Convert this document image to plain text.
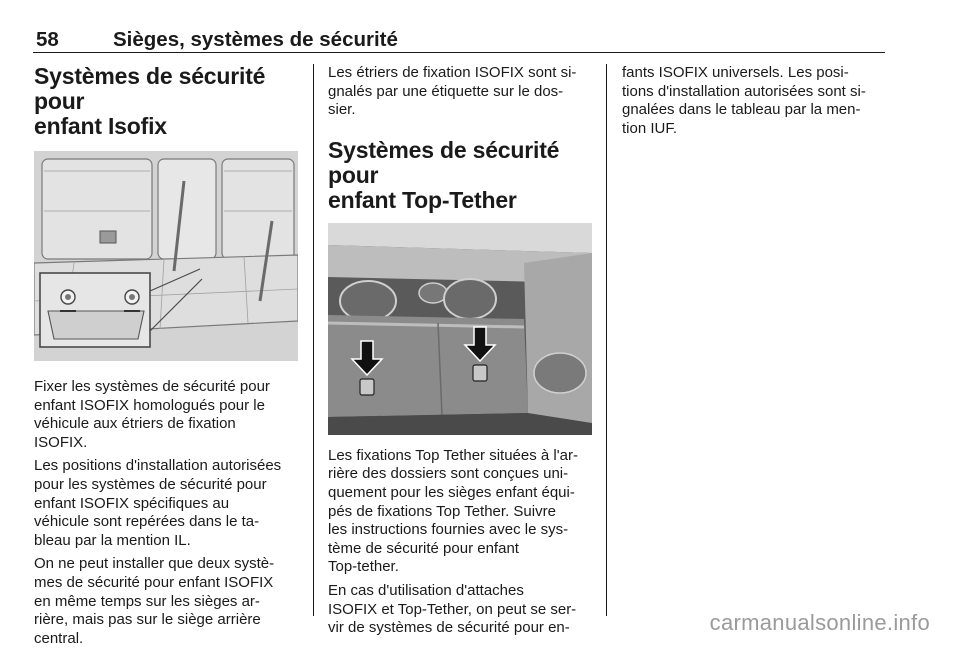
58	Sièges, systèmes de sécurité
Systèmes de sécurité pour
enfant Isofix

Fixer les systèmes de sécurité pour
enfant ISOFIX homologués pour le
véhicule aux étriers de fixation
ISOFIX.

Les positions d'installation autorisées
pour les systèmes de sécurité pour
enfant ISOFIX spécifiques au
véhicule sont repérées dans le ta-
bleau par la mention IL.

On ne peut installer que deux systè-
mes de sécurité pour enfant ISOFIX
en même temps sur les sièges ar-
rière, mais pas sur le siège arrière
central.

Les étriers de fixation ISOFIX sont si-
gnalés par une étiquette sur le dos-
sier.

Systèmes de sécurité pour
enfant Top-Tether

Les fixations Top Tether situées à l'ar-
rière des dossiers sont conçues uni-
quement pour les sièges enfant équi-
pés de fixations Top Tether. Suivre
les instructions fournies avec le sys-
tème de sécurité pour enfant
Top-tether.

En cas d'utilisation d'attaches
ISOFIX et Top-Tether, on peut se ser-
vir de systèmes de sécurité pour en-

fants ISOFIX universels. Les posi-
tions d'installation autorisées sont si-
gnalées dans le tableau par la men-
tion IUF.

carmanualsonline.info
